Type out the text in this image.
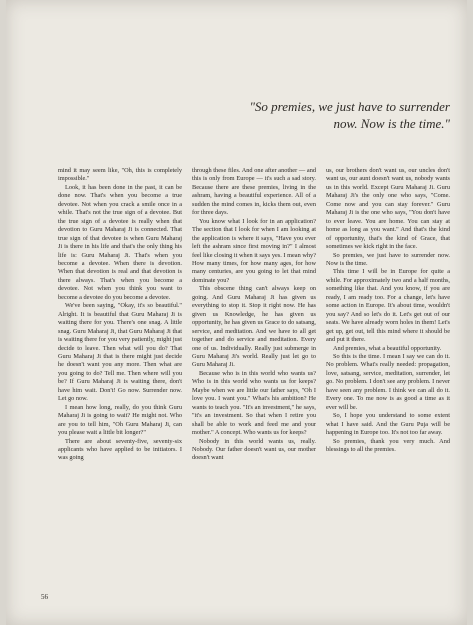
"So premies, we just have to surrender
now. Now is the time."

mind it may seem like, "Oh, this is completely impossible."

Look, it has been done in the past, it can be done now. That's when you become a true devotee. Not when you crack a smile once in a while. That's not the true sign of a devotee. But the true sign of a devotee is really when that devotion to Guru Maharaj Ji is connected. That true sign of that devotee is when Guru Maharaj Ji is there in his life and that's the only thing his life is: Guru Maharaj Ji. That's when you become a devotee. When there is devotion. When that devotion is real and that devotion is there always. That's when you become a devotee. Not when you think you want to become a devotee do you become a devotee.

We've been saying, "Okay, it's so beautiful." Alright. It is beautiful that Guru Maharaj Ji is waiting there for you. There's one snag. A little snag. Guru Maharaj Ji, that Guru Maharaj Ji that is waiting there for you very patiently, might just decide to leave. Then what will you do? That Guru Maharaj Ji that is there might just decide he doesn't want you any more. Then what are you going to do? Tell me. Then where will you be? If Guru Maharaj Ji is waiting there, don't have him wait. Don't! Go now. Surrender now. Let go now.

I mean how long, really, do you think Guru Maharaj Ji is going to wait? He might not. Who are you to tell him, "Oh Guru Maharaj Ji, can you please wait a little bit longer?"

There are about seventy-five, seventy-six applicants who have applied to be initiators. I was going

through these files. And one after another — and this is only from Europe — it's such a sad story. Because there are these premies, living in the ashram, having a beautiful experience. All of a sudden the mind comes in, kicks them out, even for three days.

You know what I look for in an application? The section that I look for when I am looking at the application is where it says, "Have you ever left the ashram since first moving in?" I almost feel like closing it when it says yes. I mean why? How many times, for how many ages, for how many centuries, are you going to let that mind dominate you?

This obscene thing can't always keep on going. And Guru Maharaj Ji has given us everything to stop it. Stop it right now. He has given us Knowledge, he has given us opportunity, he has given us Grace to do satsang, service, and meditation. And we have to all get together and do service and meditation. Every one of us. Individually. Really just submerge in Guru Maharaj Ji's world. Really just let go to Guru Maharaj Ji.

Because who is in this world who wants us? Who is in this world who wants us for keeps? Maybe when we are little our father says, "Oh I love you. I want you." What's his ambition? He wants to teach you. "It's an investment," he says, "it's an investment. So that when I retire you shall be able to work and feed me and your mother." A concept. Who wants us for keeps?

Nobody in this world wants us, really. Nobody. Our father doesn't want us, our mother doesn't want

us, our brothers don't want us, our uncles don't want us, our aunt doesn't want us, nobody wants us in this world. Except Guru Maharaj Ji. Guru Maharaj Ji's the only one who says, "Come. Come now and you can stay forever." Guru Maharaj Ji is the one who says, "You don't have to ever leave. You are home. You can stay at home as long as you want." And that's the kind of opportunity, that's the kind of Grace, that sometimes we kick right in the face.

So premies, we just have to surrender now. Now is the time.

This time I will be in Europe for quite a while. For approximately two and a half months, something like that. And you know, if you are ready, I am ready too. For a change, let's have some action in Europe. It's about time, wouldn't you say? And so let's do it. Let's get out of our seats. We have already worn holes in them! Let's get up, get out, tell this mind where it should be and put it there.

And premies, what a beautiful opportunity.

So this is the time. I mean I say we can do it. No problem. What's really needed: propagation, love, satsang, service, meditation, surrender, let go. No problem. I don't see any problem. I never have seen any problem. I think we can all do it. Every one. To me now is as good a time as it ever will be.

So, I hope you understand to some extent what I have said. And the Guru Puja will be happening in Europe too. It's not too far away.

So premies, thank you very much. And blessings to all the premies.

56
